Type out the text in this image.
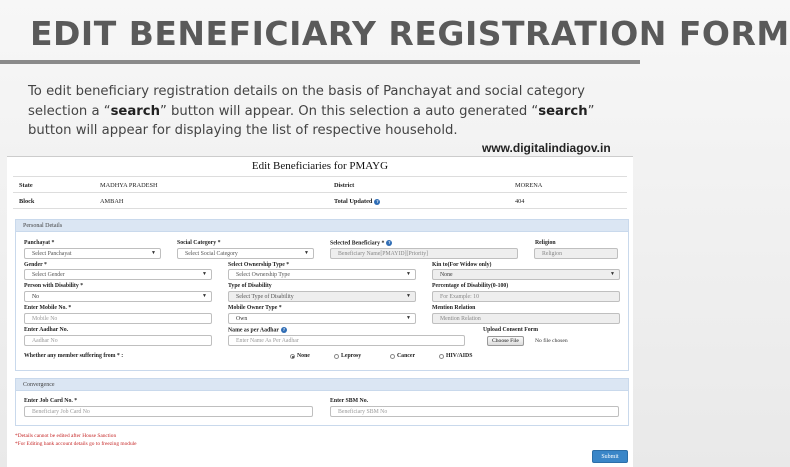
EDIT BENEFICIARY REGISTRATION FORM
To edit beneficiary registration details on the basis of Panchayat and social category selection a “search” button will appear. On this selection a auto generated “search” button will appear for displaying the list of respective household.
www.digitalindiagov.in
Edit Beneficiaries for PMAYG
State	MADHYA PRADESH	District	MORENA
Block	AMBAH	Total Updated ?	404
Personal Details
Panchayat *
Select Panchayat	▼
Social Category *
Select Social Category	▼
Selected Beneficiary * ?
Beneficiary Name[PMAYID][Priority]
Religion
Religion
Gender *
Select Gender	▼
Select Ownership Type *
Select Ownership Type	▼
Kin to(For Widow only)
None	▼
Person with Disability *
No	▼
Type of Disability
Select Type of Disability	▼
Percentage of Disability(0-100)
For Example: 10
Enter Mobile No. *
Mobile No
Mobile Owner Type *
Own	▼
Mention Relation
Mention Relation
Enter Aadhar No.
Aadhar No
Name as per Aadhar ?
Enter Name As Per Aadhar
Upload Consent Form
Choose File	No file chosen
Whether any member suffering from * :	None	Leprosy	Cancer	HIV/AIDS
Convergence
Enter Job Card No. *
Beneficiary Job Card No
Enter SBM No.
Beneficiary SBM No
*Details cannot be edited after House Sanction
*For Editing bank account details go to freezing module
Submit
